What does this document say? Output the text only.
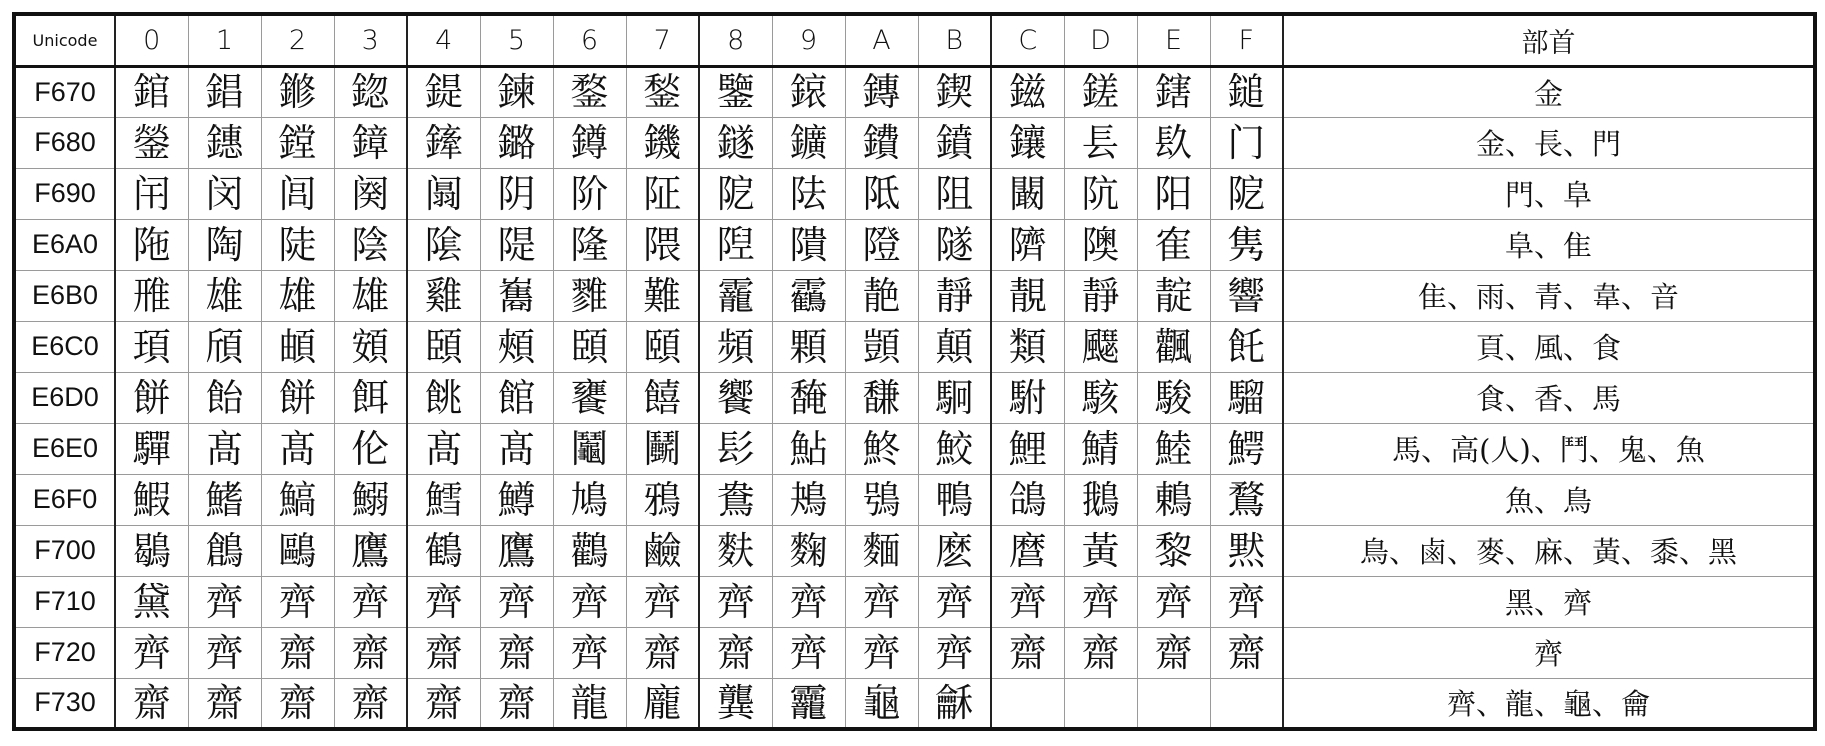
Unicode	0	1	2	3	4	5	6	7	8	9	A	B	C	D	E	F	部首
F670	錧	錩	鎀	鍃	鍉	鍊	鍪	鍫	鑒	鎄	鏄	鍥	鎡	鎈	鎋	鎚	金
F680	鎣	鏸	鏜	鏱	鏲	鏴	鐏	鐖	鐩	鑛	鐨	鐼	鑲	镸	镹	门	金、長、門
F690	闬	闵	闾	阕	阘	阴	阶	阷	阸	阹	阺	阻	闞	阬	阳	阸	門、阜
E6A0	陁	陶	陡	陰	隂	隄	隆	隈	隉	隤	隥	隧	隮	隩	隺	隽	阜、隹
E6B0	雃	雄	雄	雄	雞	雟	雡	難	靇	靏	靘	靜	靚	靜	靛	響	隹、雨、青、韋、音
E6C0	頊	頎	頔	頞	頣	頰	頣	頤	頻	顆	顗	顛	類	飋	飌	飥	頁、風、食
E6D0	餅	飴	餅	餌	餆	館	饔	饎	饗	馣	馦	駉	駙	駭	駿	騮	食、香、馬
E6E0	驒	髙	髙	伦	髙	髙	鬮	鬭	髟	鮎	鮗	鮫	鯉	鯖	鯥	鰐	馬、高(人)、鬥、鬼、魚
E6F0	鰕	鰭	鰝	鰯	鱈	鱒	鳩	鴉	鴦	鴂	鴞	鴨	鴿	鵝	鶇	鶩	魚、鳥
F700	鶡	鶬	鷗	鷹	鶴	鷹	鸛	鹼	麩	麴	麵	麽	麿	黃	黎	黙	鳥、鹵、麥、麻、黃、黍、黑
F710	黛	齊	齊	齊	齊	齊	齊	齊	齊	齊	齊	齊	齊	齊	齊	齊	黑、齊
F720	齊	齊	齋	齋	齋	齋	齊	齋	齋	齊	齊	齊	齋	齋	齋	齋	齊
F730	齋	齋	齋	齋	齋	齋	龍	龐	龔	龗	龜	龢					齊、龍、龜、龠
